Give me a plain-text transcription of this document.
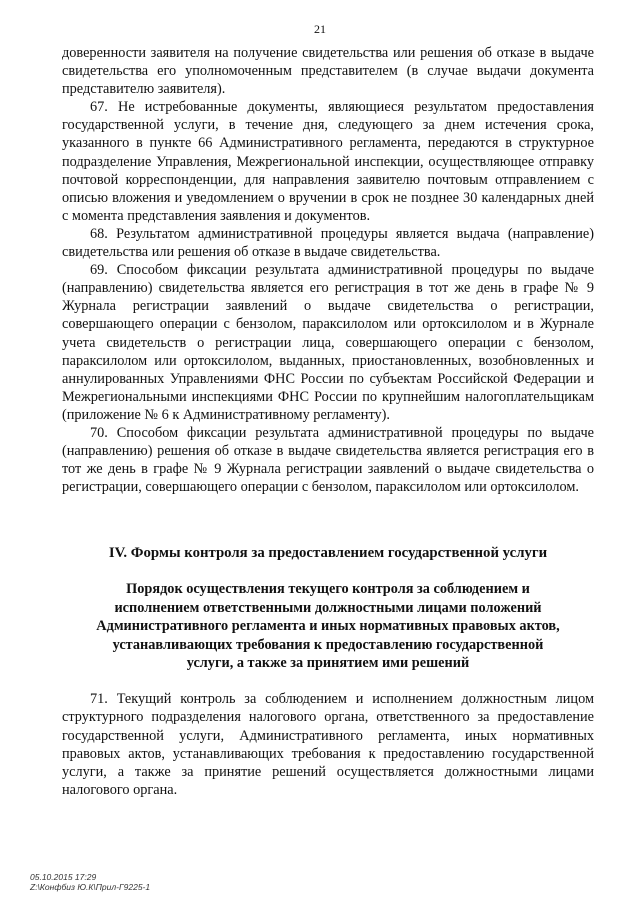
21

доверенности заявителя на получение свидетельства или решения об отказе в выдаче свидетельства его уполномоченным представителем (в случае выдачи документа представителю заявителя).

67. Не истребованные документы, являющиеся результатом предоставления государственной услуги, в течение дня, следующего за днем истечения срока, указанного в пункте 66 Административного регламента, передаются в структурное подразделение Управления, Межрегиональной инспекции, осуществляющее отправку почтовой корреспонденции, для направления заявителю почтовым отправлением с описью вложения и уведомлением о вручении в срок не позднее 30 календарных дней с момента представления заявления и документов.

68. Результатом административной процедуры является выдача (направление) свидетельства или решения об отказе в выдаче свидетельства.

69. Способом фиксации результата административной процедуры по выдаче (направлению) свидетельства является его регистрация в тот же день в графе № 9 Журнала регистрации заявлений о выдаче свидетельства о регистрации, совершающего операции с бензолом, параксилолом или ортоксилолом и в Журнале учета свидетельств о регистрации лица, совершающего операции с бензолом, параксилолом или ортоксилолом, выданных, приостановленных, возобновленных и аннулированных Управлениями ФНС России по субъектам Российской Федерации и Межрегиональными инспекциями ФНС России по крупнейшим налогоплательщикам (приложение № 6 к Административному регламенту).

70. Способом фиксации результата административной процедуры по выдаче (направлению) решения об отказе в выдаче свидетельства является регистрация его в тот же день в графе № 9 Журнала регистрации заявлений о выдаче свидетельства о регистрации, совершающего операции с бензолом, параксилолом или ортоксилолом.

IV. Формы контроля за предоставлением государственной услуги
Порядок осуществления текущего контроля за соблюдением и исполнением ответственными должностными лицами положений Административного регламента и иных нормативных правовых актов, устанавливающих требования к предоставлению государственной услуги, а также за принятием ими решений

71. Текущий контроль за соблюдением и исполнением должностным лицом структурного подразделения налогового органа, ответственного за предоставление государственной услуги, Административного регламента, иных нормативных правовых актов, устанавливающих требования к предоставлению государственной услуги, а также за принятие решений осуществляется должностными лицами налогового органа.

05.10.2015 17:29
Z:\Конфбиз Ю.К\Прил-Г9225-1
